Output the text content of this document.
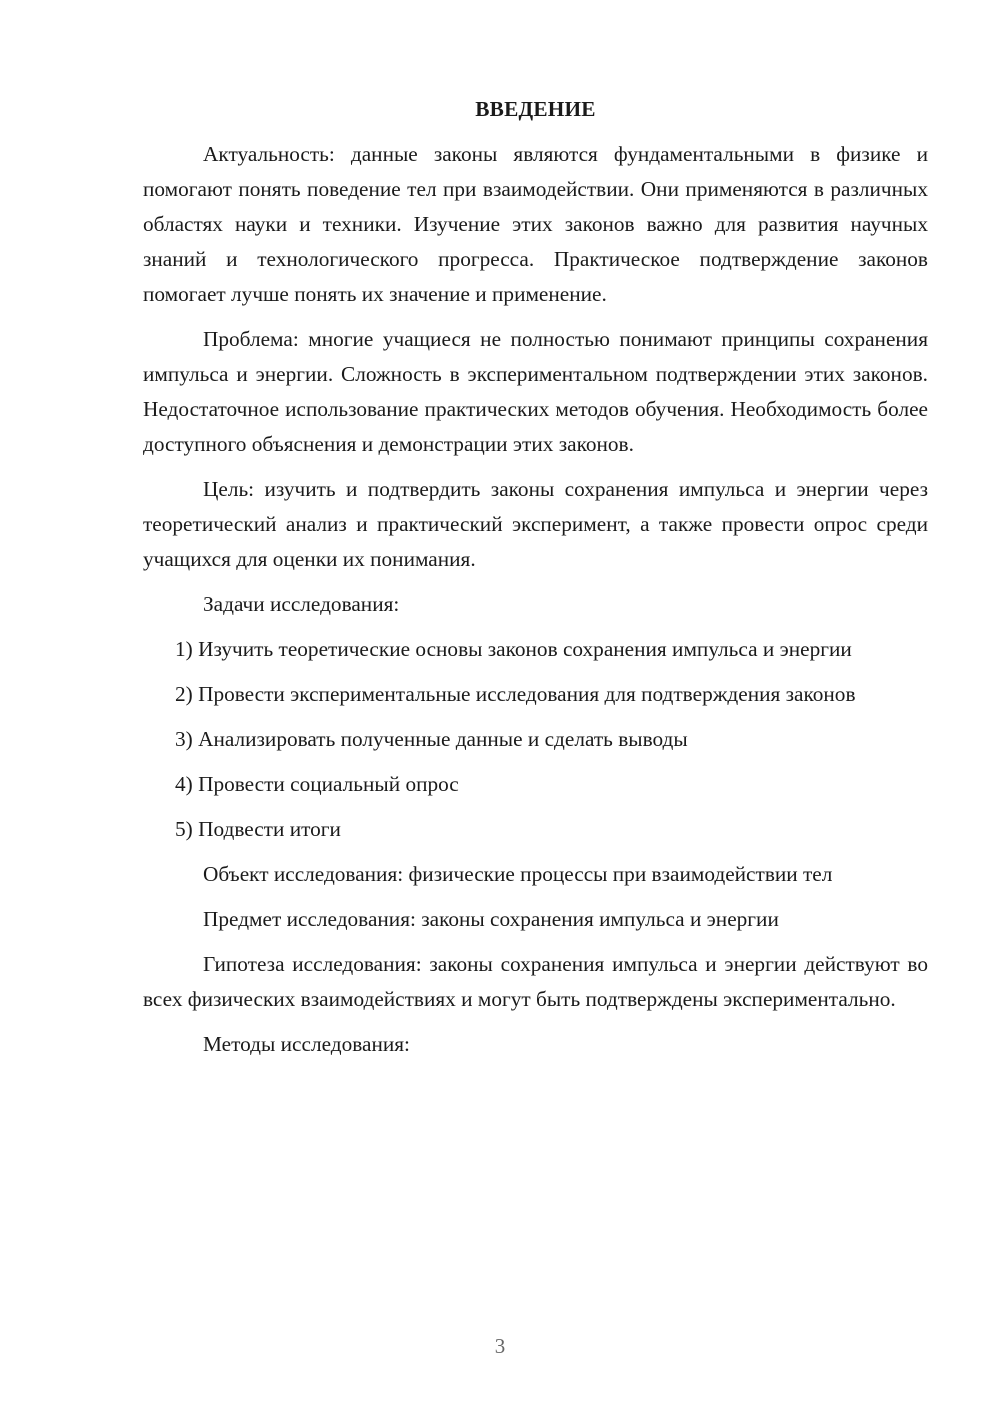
ВВЕДЕНИЕ

Актуальность: данные законы являются фундаментальными в физике и помогают понять поведение тел при взаимодействии. Они применяются в различных областях науки и техники. Изучение этих законов важно для развития научных знаний и технологического прогресса. Практическое подтверждение законов помогает лучше понять их значение и применение.

Проблема: многие учащиеся не полностью понимают принципы сохранения импульса и энергии. Сложность в экспериментальном подтверждении этих законов. Недостаточное использование практических методов обучения. Необходимость более доступного объяснения и демонстрации этих законов.

Цель: изучить и подтвердить законы сохранения импульса и энергии через теоретический анализ и практический эксперимент, а также провести опрос среди учащихся для оценки их понимания.

Задачи исследования:

1) Изучить теоретические основы законов сохранения импульса и энергии

2) Провести экспериментальные исследования для подтверждения законов

3) Анализировать полученные данные и сделать выводы

4) Провести социальный опрос

5) Подвести итоги

Объект исследования: физические процессы при взаимодействии тел

Предмет исследования: законы сохранения импульса и энергии

Гипотеза исследования: законы сохранения импульса и энергии действуют во всех физических взаимодействиях и могут быть подтверждены экспериментально.

Методы исследования:

3
